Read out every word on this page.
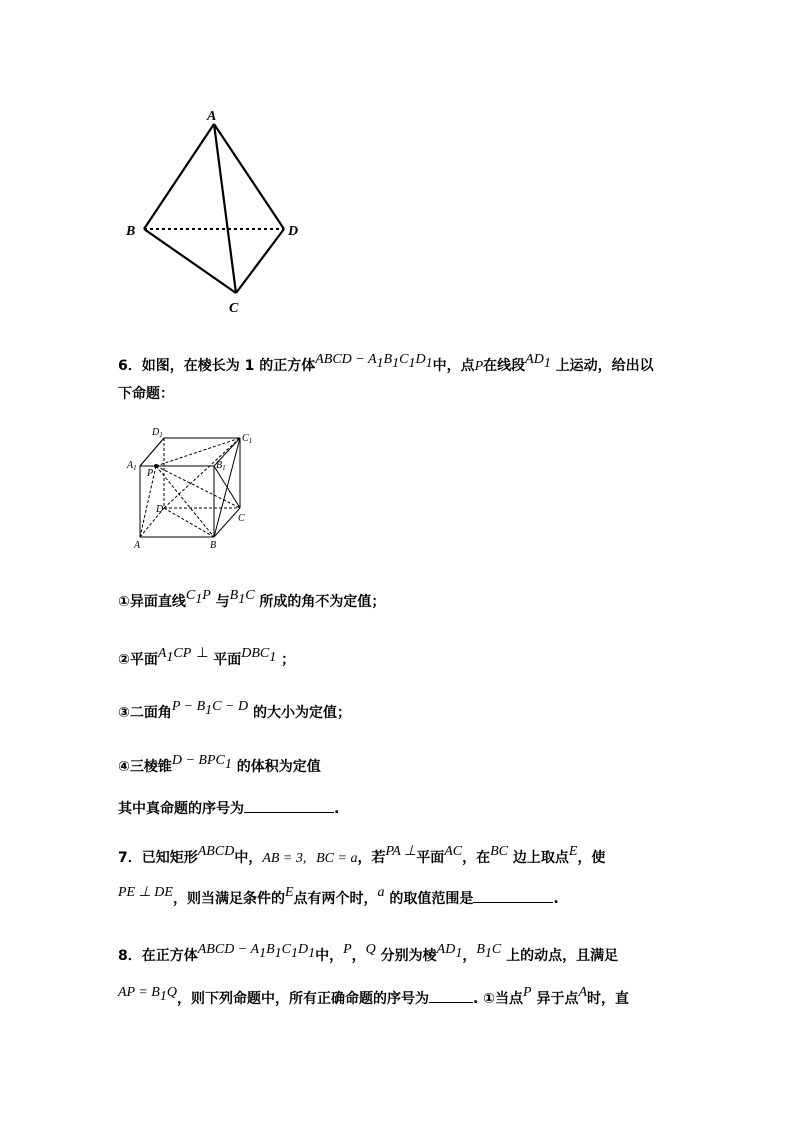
A
B
C
D
6．如图，在棱长为 1 的正方体ABCD − $A_1B_1C_1D_1$中，点P在线段$AD_1$ 上运动，给出以
下命题：
$D_1$	$C_1$
$A_1$	$B_1$
P
D
C
A	B
①异面直线$C_1P$ 与$B_1C$ 所成的角不为定值；
②平面$A_1CP$ ⊥ 平面$DBC_1$ ；
③二面角$P - B_1C - D$ 的大小为定值；
④三棱锥$D - BPC_1$ 的体积为定值
其中真命题的序号为	.
7．已知矩形ABCD中，AB = 3, BC = a，若PA ⊥平面AC，在BC 边上取点E，使
PE ⊥ DE，则当满足条件的E点有两个时，a 的取值范围是	.
8．在正方体ABCD − $A_1B_1C_1D_1$中，P，Q 分别为棱$AD_1$，$B_1C$ 上的动点，且满足
AP = $B_1Q$，则下列命题中，所有正确命题的序号为	. ①当点P 异于点A时，直
